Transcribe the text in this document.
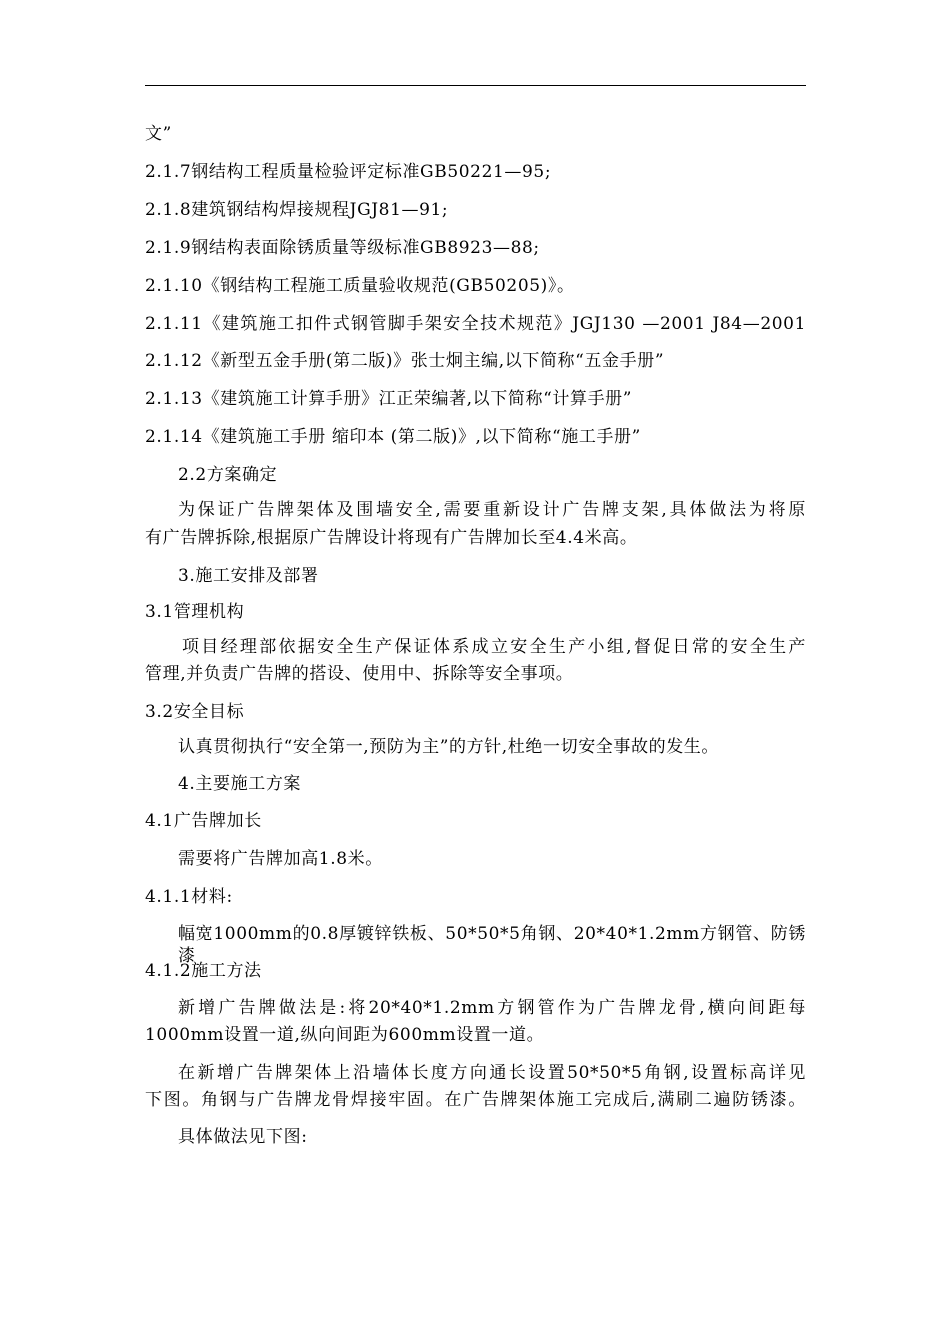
文”
2.1.7钢结构工程质量检验评定标准GB50221—95;
2.1.8建筑钢结构焊接规程JGJ81—91;
2.1.9钢结构表面除锈质量等级标准GB8923—88;
2.1.10《钢结构工程施工质量验收规范(GB50205)》。
2.1.11《建筑施工扣件式钢管脚手架安全技术规范》JGJ130 —2001 J84—2001
2.1.12《新型五金手册(第二版)》张士炯主编,以下简称“五金手册”
2.1.13《建筑施工计算手册》江正荣编著,以下简称“计算手册”
2.1.14《建筑施工手册 缩印本 (第二版)》,以下简称“施工手册”
2.2方案确定
为保证广告牌架体及围墙安全,需要重新设计广告牌支架,具体做法为将原
有广告牌拆除,根据原广告牌设计将现有广告牌加长至4.4米高。
3.施工安排及部署
3.1管理机构
项目经理部依据安全生产保证体系成立安全生产小组,督促日常的安全生产
管理,并负责广告牌的搭设、使用中、拆除等安全事项。
3.2安全目标
认真贯彻执行“安全第一,预防为主”的方针,杜绝一切安全事故的发生。
4.主要施工方案
4.1广告牌加长
需要将广告牌加高1.8米。
4.1.1材料:
幅宽1000mm的0.8厚镀锌铁板、50*50*5角钢、20*40*1.2mm方钢管、防锈漆
4.1.2施工方法
新增广告牌做法是:将20*40*1.2mm方钢管作为广告牌龙骨,横向间距每
1000mm设置一道,纵向间距为600mm设置一道。
在新增广告牌架体上沿墙体长度方向通长设置50*50*5角钢,设置标高详见
下图。角钢与广告牌龙骨焊接牢固。在广告牌架体施工完成后,满刷二遍防锈漆。
具体做法见下图:
